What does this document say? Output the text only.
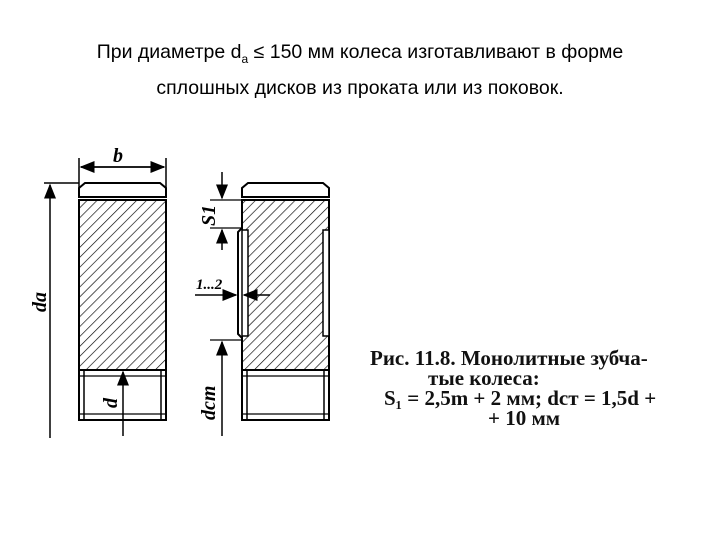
При диаметре $d_a \le 150$ мм колеса изготавливают в форме
сплошных дисков из проката или из поковок.
b
da
d
S1
1...2
dст
Рис. 11.8. Монолитные зубча-
тые колеса:
S₁ = 2,5m + 2 мм; dст = 1,5d +
+ 10 мм
